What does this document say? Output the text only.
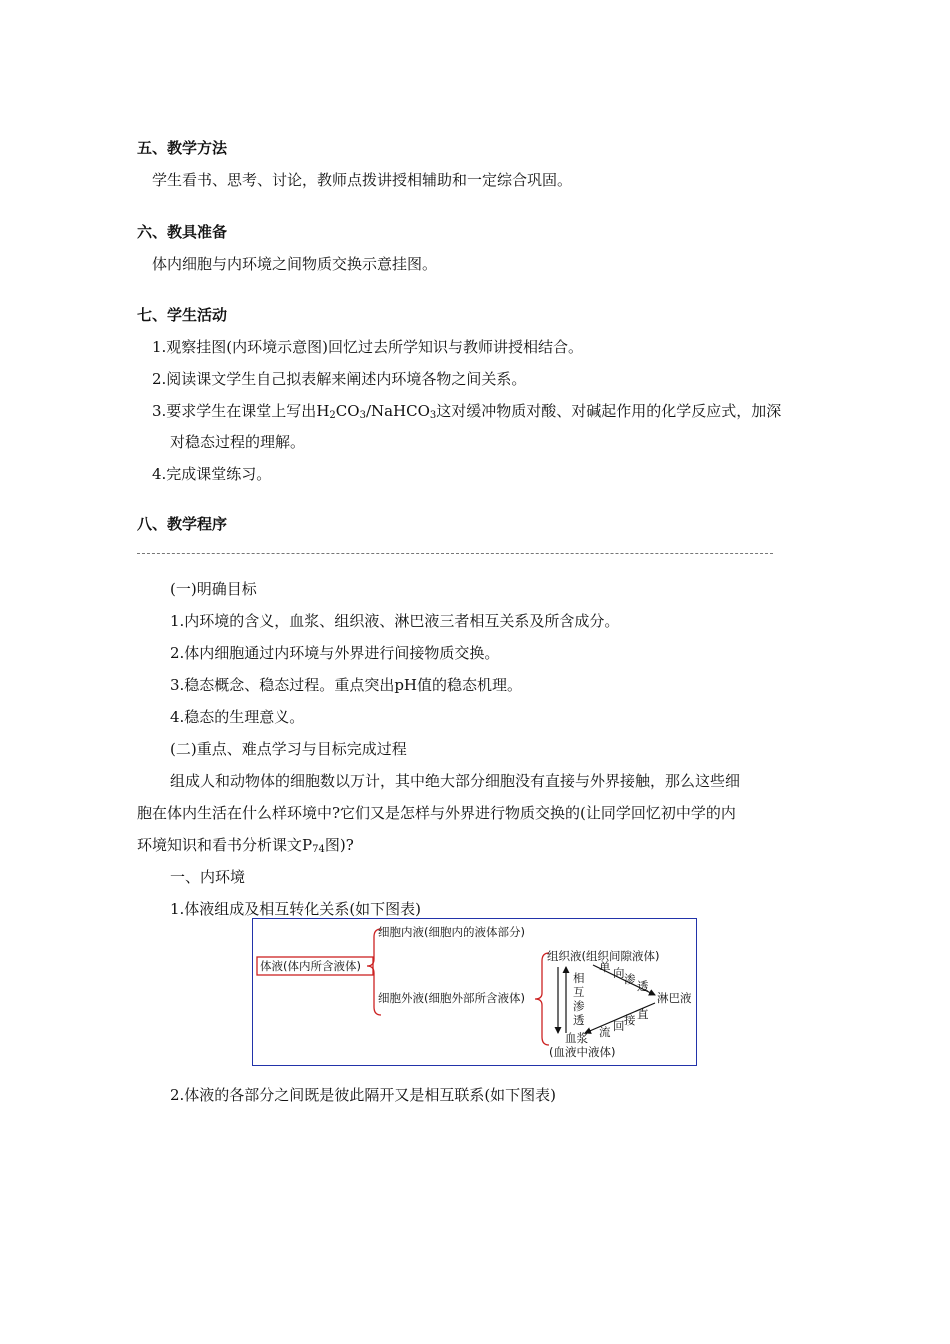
五、教学方法
学生看书、思考、讨论，教师点拨讲授相辅助和一定综合巩固。
六、教具准备
体内细胞与内环境之间物质交换示意挂图。
七、学生活动
1.观察挂图(内环境示意图)回忆过去所学知识与教师讲授相结合。
2.阅读课文学生自己拟表解来阐述内环境各物之间关系。
3.要求学生在课堂上写出$H_2CO_3/NaHCO_3$这对缓冲物质对酸、对碱起作用的化学反应式，加深
对稳态过程的理解。
4.完成课堂练习。
八、教学程序
(一)明确目标
1.内环境的含义，血浆、组织液、淋巴液三者相互关系及所含成分。
2.体内细胞通过内环境与外界进行间接物质交换。
3.稳态概念、稳态过程。重点突出pH值的稳态机理。
4.稳态的生理意义。
(二)重点、难点学习与目标完成过程
组成人和动物体的细胞数以万计，其中绝大部分细胞没有直接与外界接触，那么这些细
胞在体内生活在什么样环境中?它们又是怎样与外界进行物质交换的(让同学回忆初中学的内
环境知识和看书分析课文$P_{74}$图)?
一、内环境
1.体液组成及相互转化关系(如下图表)
体液(体内所含液体)
细胞内液(细胞内的液体部分)
细胞外液(细胞外部所含液体)
组织液(组织间隙液体)
淋巴液
血浆
(血液中液体)
相
互
渗
透
单 向 渗 透
直
接
回
流
2.体液的各部分之间既是彼此隔开又是相互联系(如下图表)
